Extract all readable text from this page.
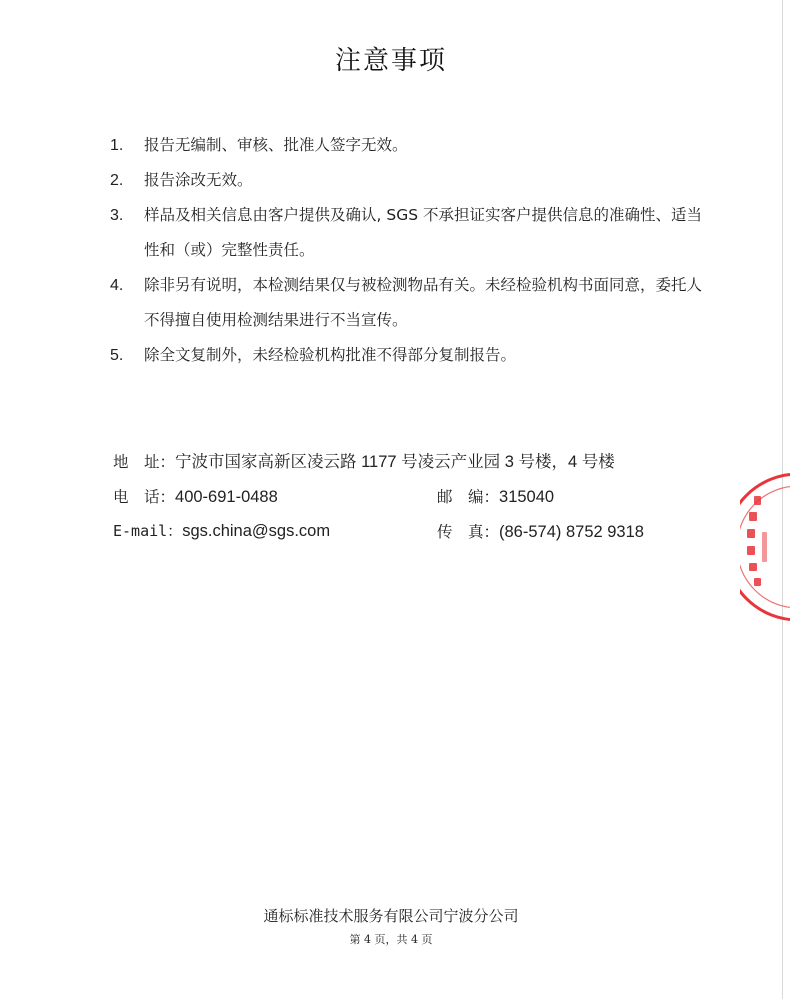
注意事项
1.	报告无编制、审核、批准人签字无效。
2.	报告涂改无效。
3.	样品及相关信息由客户提供及确认, SGS 不承担证实客户提供信息的准确性、适当性和（或）完整性责任。
4.	除非另有说明，本检测结果仅与被检测物品有关。未经检验机构书面同意，委托人不得擅自使用检测结果进行不当宣传。
5.	除全文复制外，未经检验机构批准不得部分复制报告。
地　址：宁波市国家高新区凌云路 1177 号凌云产业园 3 号楼，4 号楼
电　话：400-691-0488	邮　编：315040
E-mail：sgs.china@sgs.com	传　真：(86-574) 8752 9318
通标标准技术服务有限公司宁波分公司
第 4 页，共 4 页
